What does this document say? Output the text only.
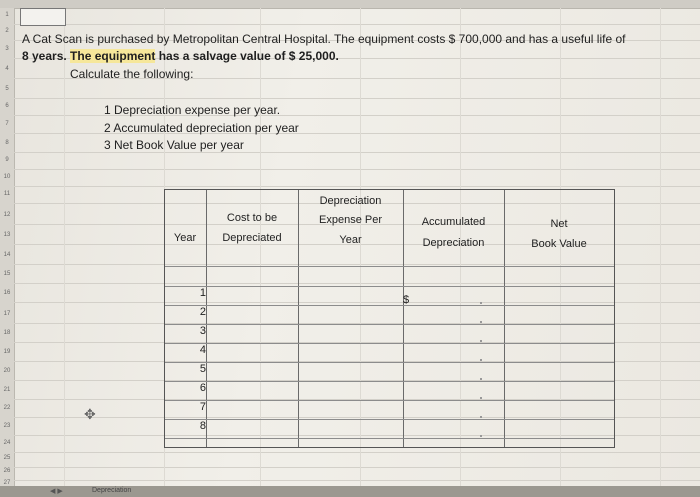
1
2
3
4
5
6
7
8
9
10
11
12
13
14
15
16
17
18
19
20
21
22
23
24
25
26
27
A Cat Scan is purchased by Metropolitan Central Hospital. The equipment costs $ 700,000 and has a useful life of
8 years. The equipment has a salvage value of $ 25,000.
Calculate the following:
1 Depreciation expense per year.
2 Accumulated depreciation per year
3 Net Book Value per year
Year
Cost to be
Depreciated
Depreciation
Expense Per
Year
Accumulated
Depreciation
Net
Book Value
1
2
3
4
5
6
7
8
$
✥
◀ ▶	Depreciation
